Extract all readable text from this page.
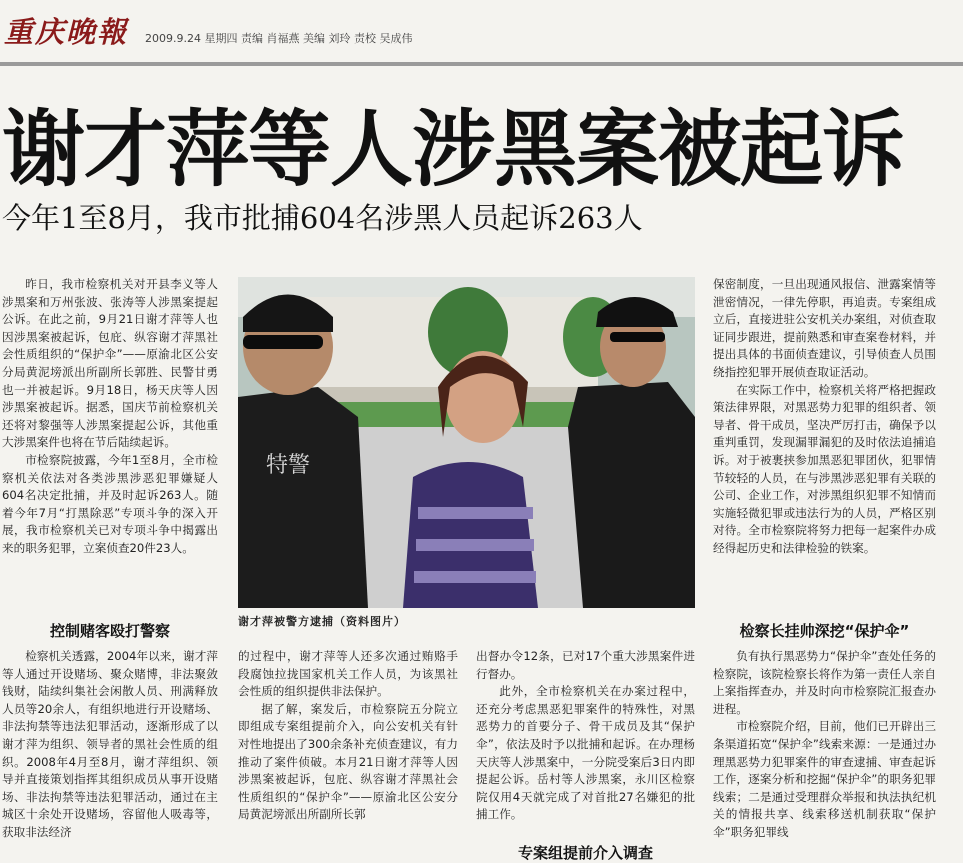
重庆晚報 2009.9.24 星期四 责编 肖福燕 美编 刘玲 责校 吴成伟
谢才萍等人涉黑案被起诉
今年1至8月，我市批捕604名涉黑人员起诉263人

昨日，我市检察机关对开县李义等人涉黑案和万州张波、张涛等人涉黑案提起公诉。在此之前，9月21日谢才萍等人也因涉黑案被起诉，包庇、纵容谢才萍黑社会性质组织的“保护伞”——原渝北区公安分局黄泥塝派出所副所长郭胜、民警甘勇也一并被起诉。9月18日，杨天庆等人因涉黑案被起诉。据悉，国庆节前检察机关还将对黎强等人涉黑案提起公诉，其他重大涉黑案件也将在节后陆续起诉。

市检察院披露，今年1至8月，全市检察机关依法对各类涉黑涉恶犯罪嫌疑人604名决定批捕，并及时起诉263人。随着今年7月“打黑除恶”专项斗争的深入开展，我市检察机关已对专项斗争中揭露出来的职务犯罪，立案侦查20件23人。

控制赌客殴打警察

检察机关透露，2004年以来，谢才萍等人通过开设赌场、聚众赌博，非法聚敛钱财，陆续纠集社会闲散人员、刑满释放人员等20余人，有组织地进行开设赌场、非法拘禁等违法犯罪活动，逐渐形成了以谢才萍为组织、领导者的黑社会性质的组织。2008年4月至8月，谢才萍组织、领导并直接策划指挥其组织成员从事开设赌场、非法拘禁等违法犯罪活动，通过在主城区十余处开设赌场，容留他人吸毒等，获取非法经济

特警
谢才萍被警方逮捕（资料图片）

的过程中，谢才萍等人还多次通过贿赂手段腐蚀拉拢国家机关工作人员，为该黑社会性质的组织提供非法保护。

据了解，案发后，市检察院五分院立即组成专案组提前介入，向公安机关有针对性地提出了300余条补充侦查建议，有力推动了案件侦破。本月21日谢才萍等人因涉黑案被起诉，包庇、纵容谢才萍黑社会性质组织的“保护伞”——原渝北区公安分局黄泥塝派出所副所长郭

出督办令12条，已对17个重大涉黑案件进行督办。

此外，全市检察机关在办案过程中，还充分考虑黑恶犯罪案件的特殊性，对黑恶势力的首要分子、骨干成员及其“保护伞”，依法及时予以批捕和起诉。在办理杨天庆等人涉黑案中，一分院受案后3日内即提起公诉。岳村等人涉黑案，永川区检察院仅用4天就完成了对首批27名嫌犯的批捕工作。

专案组提前介入调查

保密制度，一旦出现通风报信、泄露案情等泄密情况，一律先停职，再追责。专案组成立后，直接进驻公安机关办案组，对侦查取证同步跟进，提前熟悉和审查案卷材料，并提出具体的书面侦查建议，引导侦查人员围绕指控犯罪开展侦查取证活动。

在实际工作中，检察机关将严格把握政策法律界限，对黑恶势力犯罪的组织者、领导者、骨干成员，坚决严厉打击，确保予以重判重罚，发现漏罪漏犯的及时依法追捕追诉。对于被裹挟参加黑恶犯罪团伙，犯罪情节较轻的人员，在与涉黑涉恶犯罪有关联的公司、企业工作，对涉黑组织犯罪不知情而实施轻微犯罪或违法行为的人员，严格区别对待。全市检察院将努力把每一起案件办成经得起历史和法律检验的铁案。

检察长挂帅深挖“保护伞”

负有执行黑恶势力“保护伞”查处任务的检察院，该院检察长将作为第一责任人亲自上案指挥查办，并及时向市检察院汇报查办进程。

市检察院介绍，目前，他们已开辟出三条渠道拓宽“保护伞”线索来源：一是通过办理黑恶势力犯罪案件的审查逮捕、审查起诉工作，逐案分析和挖掘“保护伞”的职务犯罪线索；二是通过受理群众举报和执法执纪机关的情报共享、线索移送机制获取“保护伞”职务犯罪线
